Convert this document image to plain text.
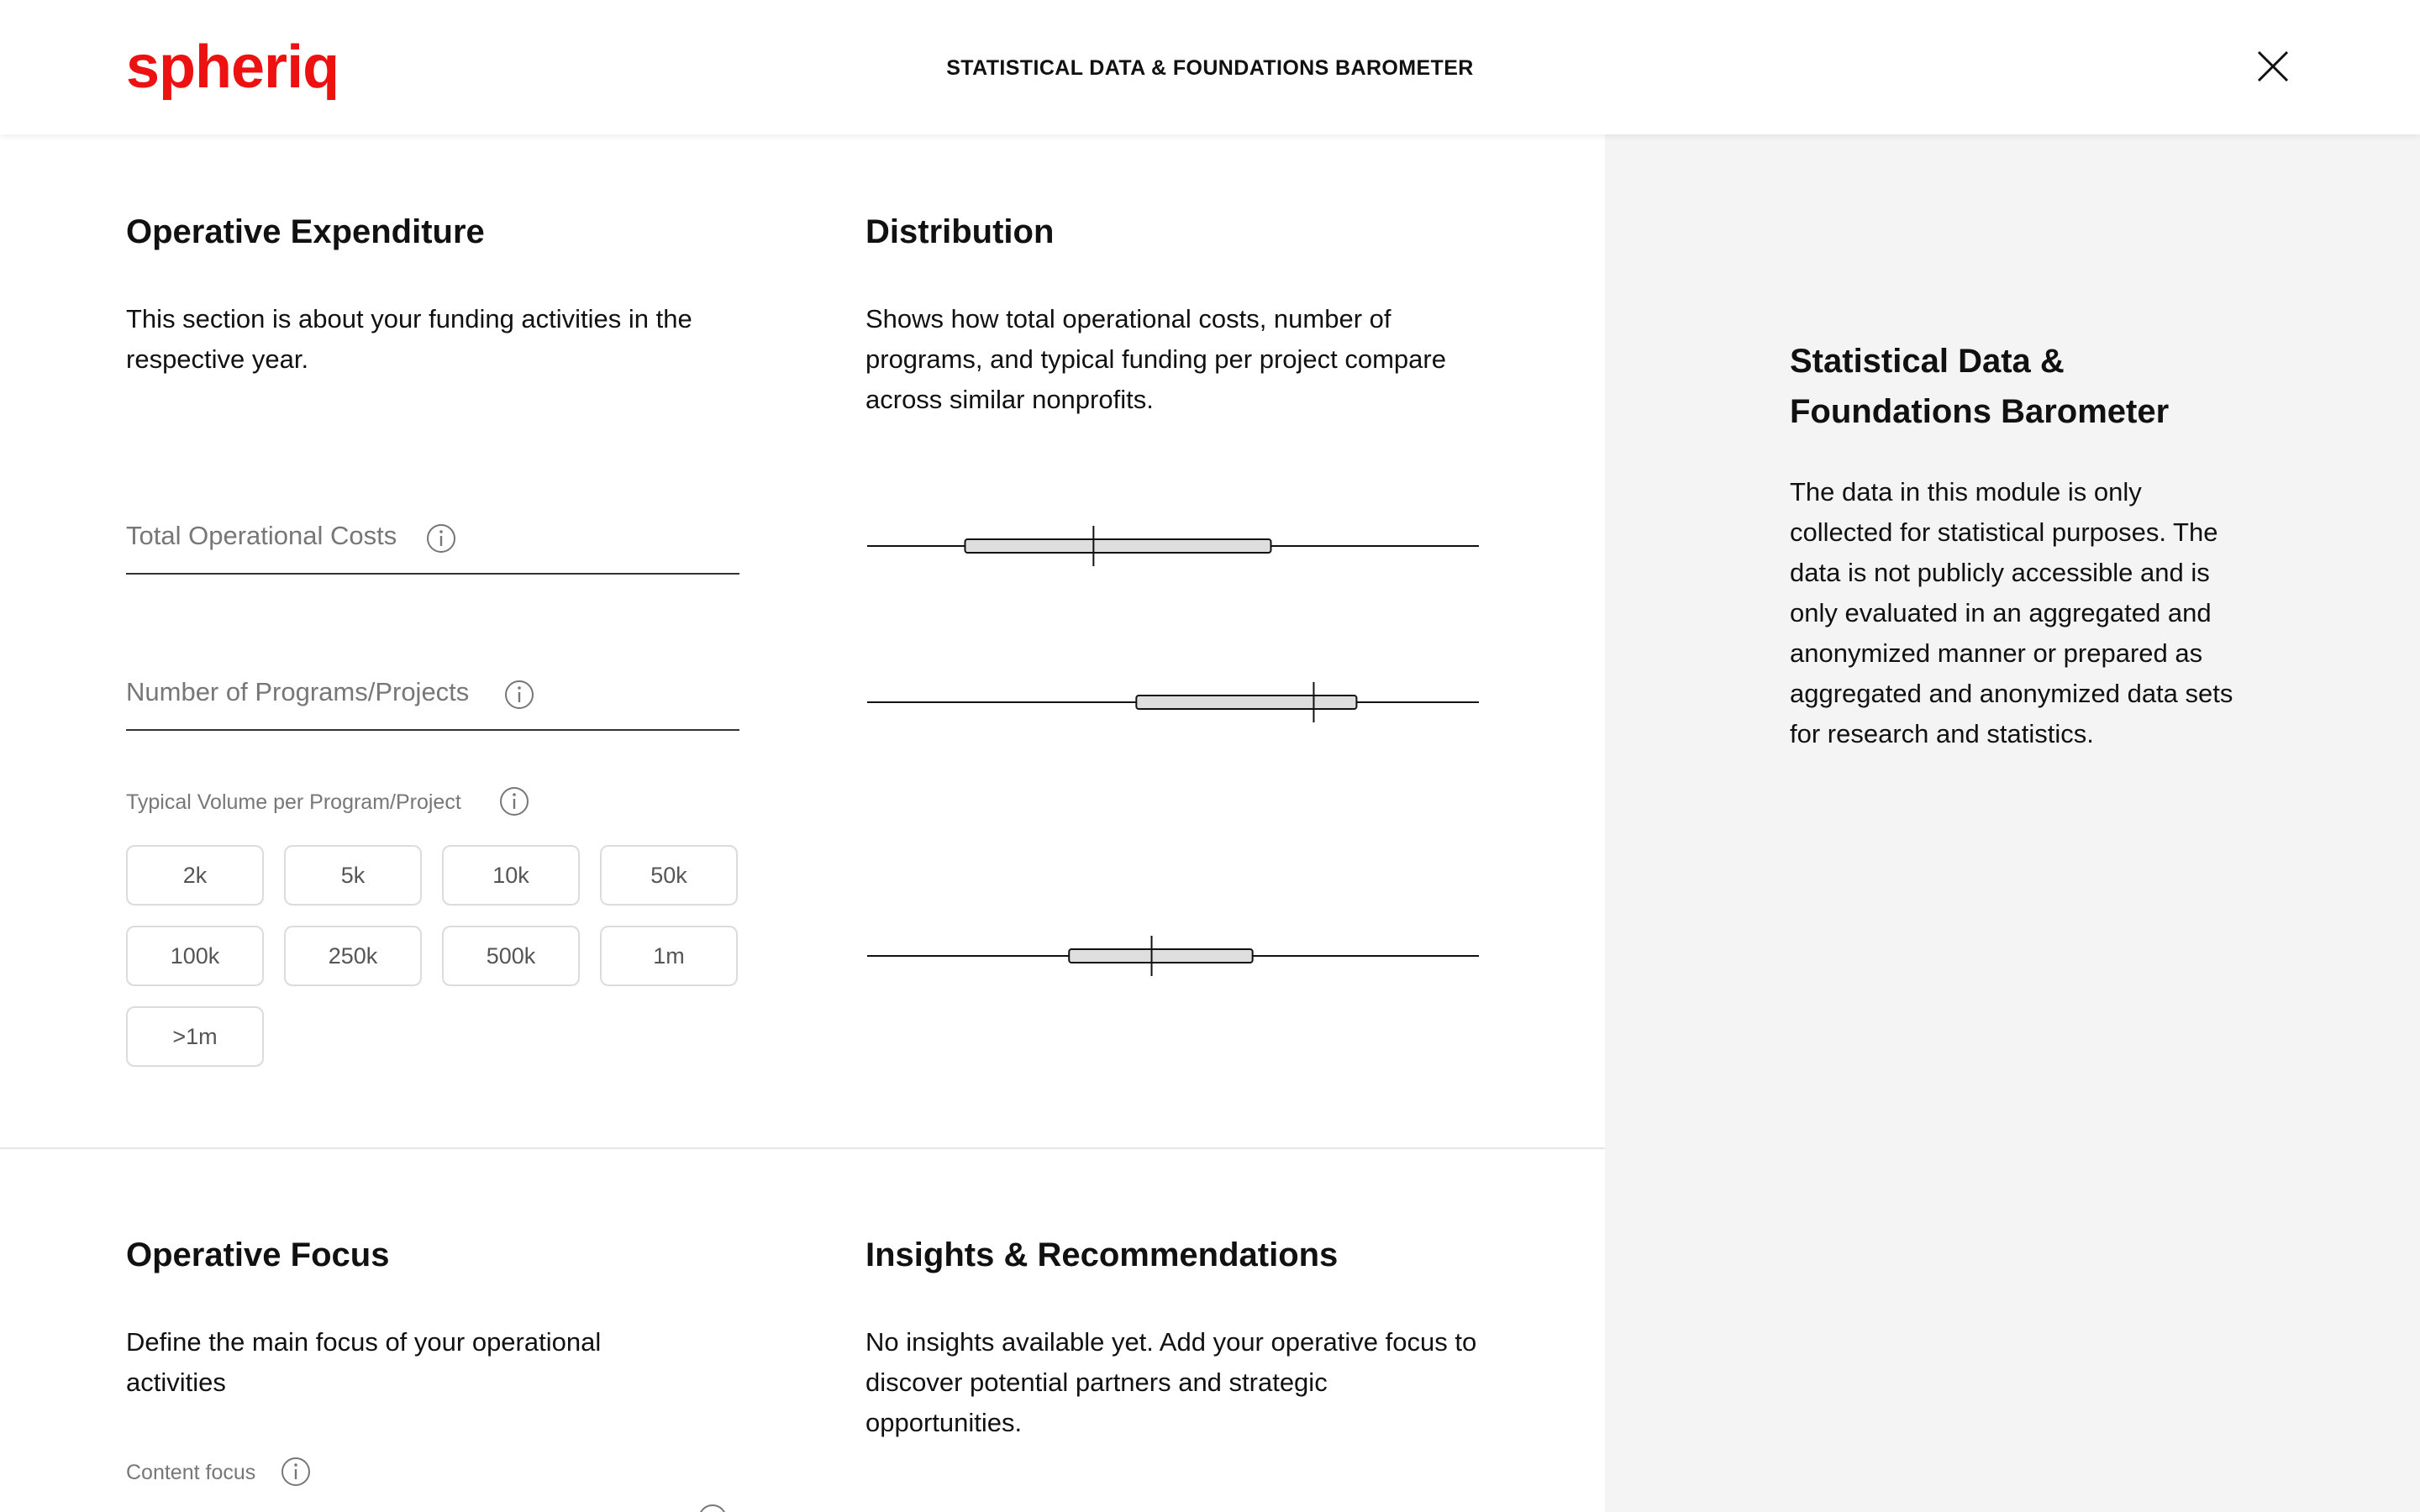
spheriq	STATISTICAL DATA & FOUNDATIONS BAROMETER
Operative Expenditure
This section is about your funding activities in the respective year.
Total Operational Costs
Number of Programs/Projects
Typical Volume per Program/Project
2k	5k	10k	50k
100k	250k	500k	1m
>1m
Distribution
Shows how total operational costs, number of programs, and typical funding per project compare across similar nonprofits.
Operative Focus
Define the main focus of your operational activities
Content focus
Insights & Recommendations
No insights available yet. Add your operative focus to discover potential partners and strategic opportunities.
Statistical Data & Foundations Barometer
The data in this module is only collected for statistical purposes. The data is not publicly accessible and is only evaluated in an aggregated and anonymized manner or prepared as aggregated and anonymized data sets for research and statistics.
